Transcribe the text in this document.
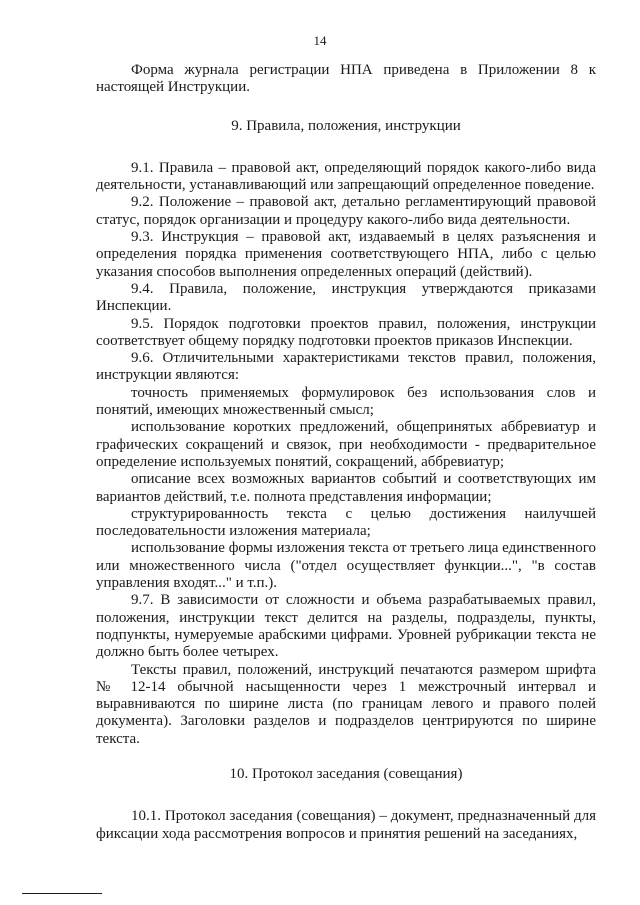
14

Форма журнала регистрации НПА приведена в Приложении 8 к настоящей Инструкции.

9. Правила, положения, инструкции

9.1. Правила – правовой акт, определяющий порядок какого-либо вида деятельности, устанавливающий или запрещающий определенное поведение.

9.2. Положение – правовой акт, детально регламентирующий правовой статус, порядок организации и процедуру какого-либо вида деятельности.

9.3. Инструкция – правовой акт, издаваемый в целях разъяснения и определения порядка применения соответствующего НПА, либо с целью указания способов выполнения определенных операций (действий).

9.4. Правила, положение, инструкция утверждаются приказами Инспекции.

9.5. Порядок подготовки проектов правил, положения, инструкции соответствует общему порядку подготовки проектов приказов Инспекции.

9.6. Отличительными характеристиками текстов правил, положения, инструкции являются:

точность применяемых формулировок без использования слов и понятий, имеющих множественный смысл;

использование коротких предложений, общепринятых аббревиатур и графических сокращений и связок, при необходимости - предварительное определение используемых понятий, сокращений, аббревиатур;

описание всех возможных вариантов событий и соответствующих им вариантов действий, т.е. полнота представления информации;

структурированность текста с целью достижения наилучшей последовательности изложения материала;

использование формы изложения текста от третьего лица единственного или множественного числа ("отдел осуществляет функции...", "в состав управления входят..." и т.п.).

9.7. В зависимости от сложности и объема разрабатываемых правил, положения, инструкции текст делится на разделы, подразделы, пункты, подпункты, нумеруемые арабскими цифрами. Уровней рубрикации текста не должно быть более четырех.

Тексты правил, положений, инструкций печатаются размером шрифта № 12-14 обычной насыщенности через 1 межстрочный интервал и выравниваются по ширине листа (по границам левого и правого полей документа). Заголовки разделов и подразделов центрируются по ширине текста.

10. Протокол заседания (совещания)

10.1. Протокол заседания (совещания) – документ, предназначенный для фиксации хода рассмотрения вопросов и принятия решений на заседаниях,
